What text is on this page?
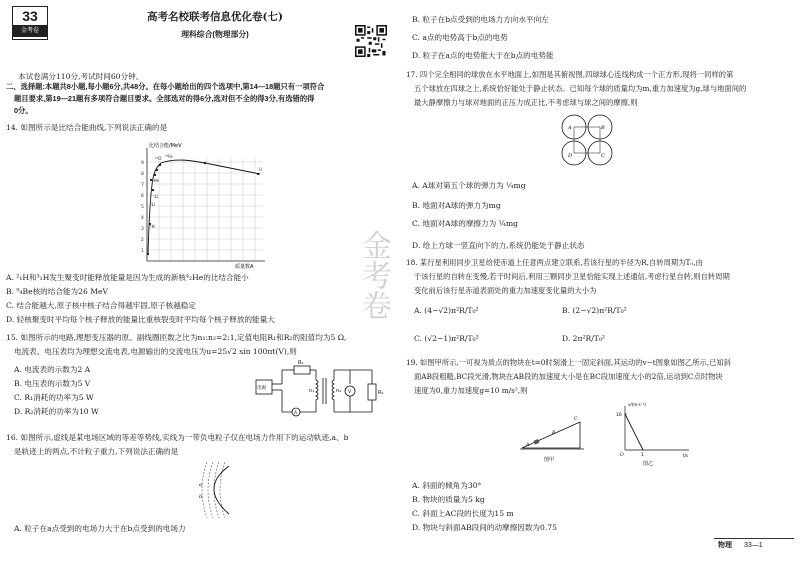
33
金考卷
高考名校联考信息优化卷(七)
理科综合(物理部分)
本试卷满分110分,考试时间60分钟。
二、选择题:本题共8小题,每小题6分,共48分。在每小题给出的四个选项中,第14—18题只有一项符合
题目要求,第19—21题有多项符合题目要求。全部选对的得6分,选对但不全的得3分,有选错的得
0分。
14. 如图所示是比结合能曲线,下列说法正确的是
比结合能/MeV
质量数A
9
8
7
6
5
4
3
2
1
¹⁶O ⁵⁶Fe
⁴He
⁷Li
⁶Li
²H
U
A. ²₁H和³₁H发生聚变时能释放能量是因为生成的新核⁴₂He的比结合能小
B. ⁹₄Be核的结合能为26 MeV
C. 结合能越大,原子核中核子结合得越牢固,原子核越稳定
D. 轻核聚变时平均每个核子释放的能量比重核裂变时平均每个核子释放的能量大
15. 如图所示的电路,理想变压器的原、副线圈匝数之比为n₁:n₂=2:1,定值电阻R₁和R₂的阻值均为5 Ω,
电流表、电压表均为理想交流电表,电源输出的交流电压为u=25√2 sin 100πt(V),则
A. 电流表的示数为2 A
B. 电压表的示数为5 V
C. R₁消耗的功率为5 W
D. R₂消耗的功率为10 W
电源
R₁
n₁	n₂
A
V	R₂
16. 如图所示,虚线是某电场区域的等差等势线,实线为一带负电粒子仅在电场力作用下的运动轨迹,a、b
是轨迹上的两点,不计粒子重力,下列说法正确的是
a
b
A. 粒子在a点受到的电场力大于在b点受到的电场力
金考卷
B. 粒子在b点受到的电场力方向水平向左
C. a点的电势高于b点的电势
D. 粒子在a点的电势能大于在b点的电势能
17. 四个完全相同的球放在水平地面上,如图是其俯视图,四球球心连线构成一个正方形,现将一同样的第
五个球放在四球之上,系统恰好能处于静止状态。已知每个球的质量均为m,重力加速度为g,球与地面间的
最大静摩擦力与球对地面的正压力成正比,不考虑球与球之间的摩擦,则
A	B
C
D
A. A球对第五个球的弹力为 ¼mg
B. 地面对A球的弹力为mg
C. 地面对A球的摩擦力为 ¼mg
D. 给上方球一竖直向下的力,系统仍能处于静止状态
18. 某行星利用同步卫星给使赤道上任意两点建立联系,若该行星的半径为R,自转周期为T₀,由
于该行星的自转在变慢,若干时间后,利用三颗同步卫星恰能实现上述通信,考虑行星自转,则自转周期
变化前后该行星赤道表面处的重力加速度变化量的大小为
A. (4−√2)π²R/T₀²	B. (2−√2)π²R/T₀²
C. (√2−1)π²R/T₀²	D. 2π²R/T₀²
19. 如图甲所示,一可视为质点的物块在t=0时刻滑上一固定斜面,其运动的v−t图象如图乙所示,已知斜
面AB段粗糙,BC段光滑,物块在AB段的加速度大小是在BC段加速度大小的2倍,运动到C点时物块
速度为0,重力加速度g=10 m/s²,则
A
B
C
图甲
v/(m·s⁻¹)
t/s
16
1
O
图乙
A. 斜面的倾角为30°
B. 物块的质量为5 kg
C. 斜面上AC段的长度为15 m
D. 物块与斜面AB段间的动摩擦因数为0.75
物理 33—1
